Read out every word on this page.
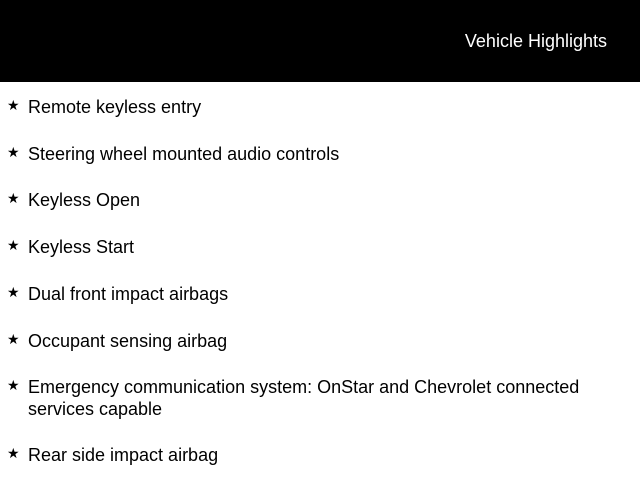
Vehicle Highlights
★ Remote keyless entry
★ Steering wheel mounted audio controls
★ Keyless Open
★ Keyless Start
★ Dual front impact airbags
★ Occupant sensing airbag
★ Emergency communication system: OnStar and Chevrolet connected services capable
★ Rear side impact airbag
